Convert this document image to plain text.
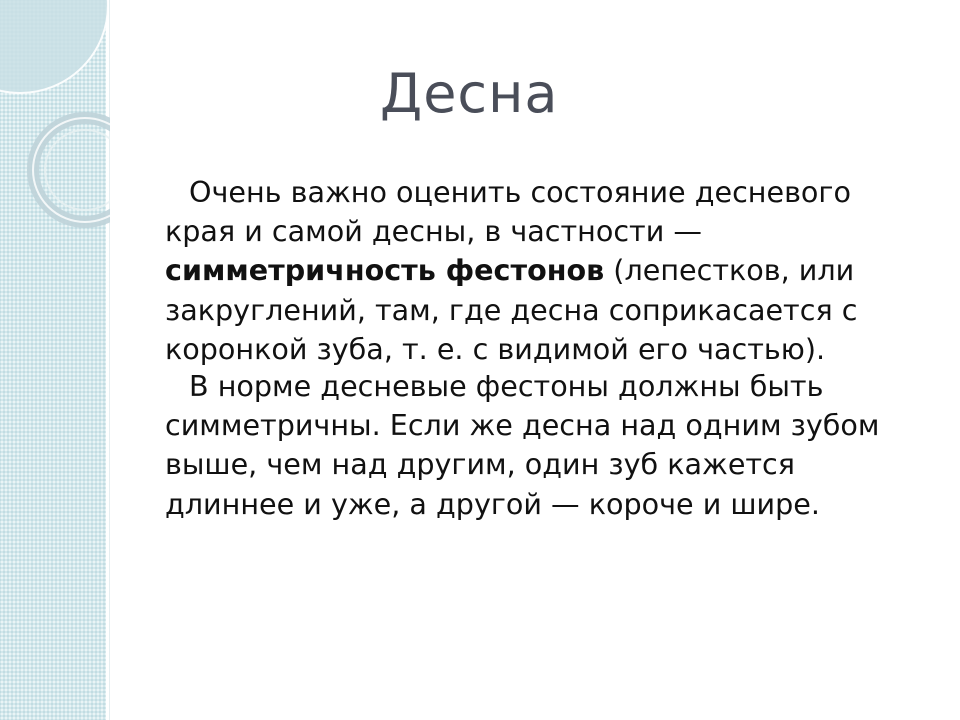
Десна

Очень важно оценить состояние десневого края и самой десны, в частности — симметричность фестонов (лепестков, или закруглений, там, где десна соприкасается с коронкой зуба, т. е. с видимой его частью).

В норме десневые фестоны должны быть симметричны. Если же десна над одним зубом выше, чем над другим, один зуб кажется длиннее и уже, а другой — короче и шире.
